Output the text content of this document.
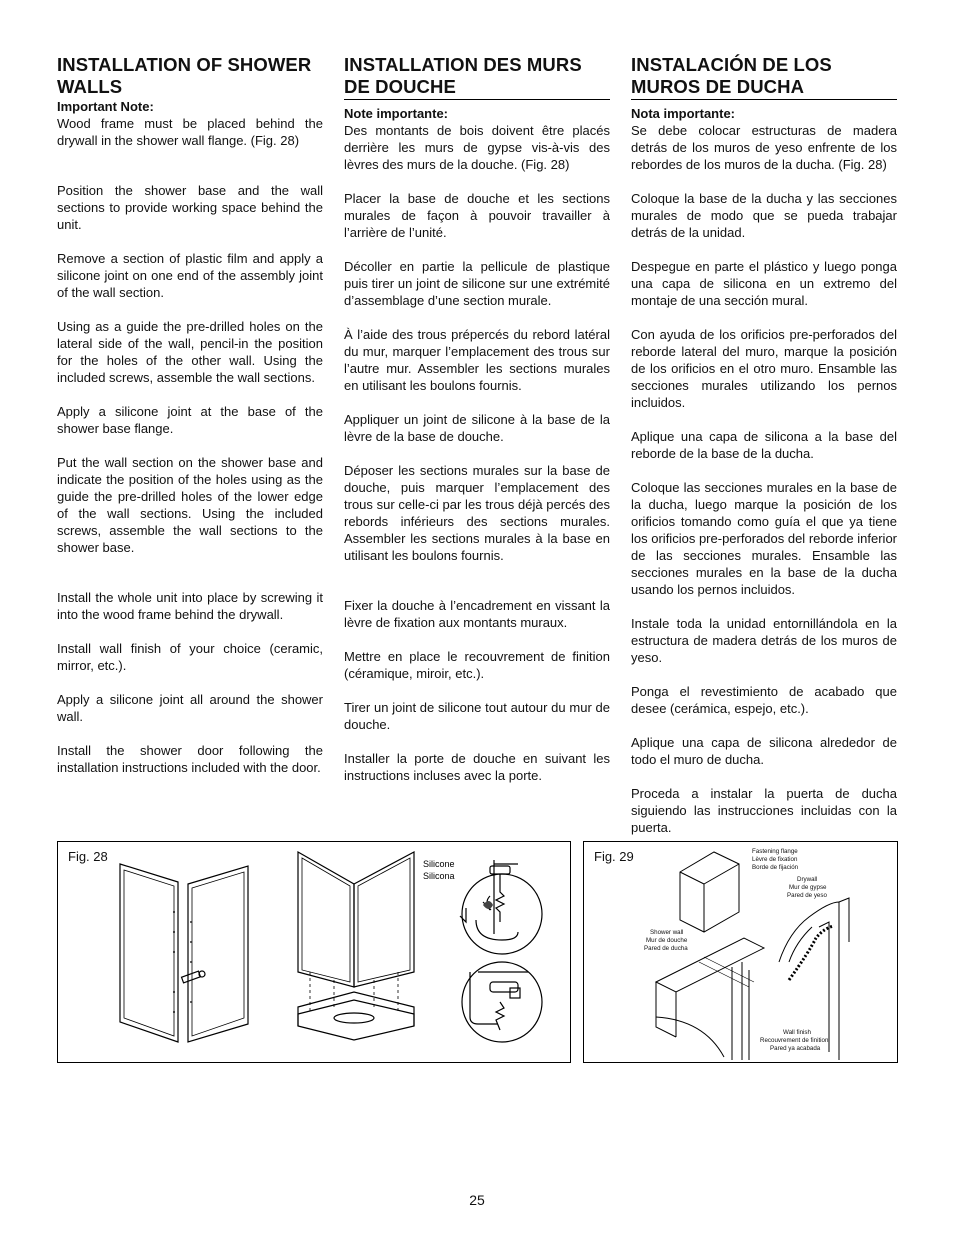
INSTALLATION OF SHOWER WALLS
Important Note:

Wood frame must be placed behind the drywall in the shower wall flange. (Fig. 28)

Position the shower base and the wall sections to provide working space behind the unit.

Remove a section of plastic film and apply a silicone joint on one end of the assembly joint of the wall section.

Using as a guide the pre-drilled holes on the lateral side of the wall, pencil-in the position for the holes of the other wall. Using the included screws, assemble the wall sections.

Apply a silicone joint at the base of the shower base flange.

Put the wall section on the shower base and indicate the position of the holes using as the guide the pre-drilled holes of the lower edge of the wall sections. Using the included screws, assemble the wall sections to the shower base.

Install the whole unit into place by screwing it into the wood frame behind the drywall.

Install wall finish of your choice (ceramic, mirror, etc.).

Apply a silicone joint all around the shower wall.

Install the shower door following the installation instructions included with the door.

INSTALLATION DES MURS DE DOUCHE
Note importante:

Des montants de bois doivent être placés derrière les murs de gypse vis-à-vis des lèvres des murs de la douche. (Fig. 28)

Placer la base de douche et les sections murales de façon à pouvoir travailler à l’arrière de l’unité.

Décoller en partie la pellicule de plastique puis tirer un joint de silicone sur une extrémité d’assemblage d’une section murale.

À l’aide des trous prépercés du rebord latéral du mur, marquer l’emplacement des trous sur l’autre mur. Assembler les sections murales en utilisant les boulons fournis.

Appliquer un joint de silicone à la base de la lèvre de la base de douche.

Déposer les sections murales sur la base de douche, puis marquer l’emplacement des trous sur celle-ci par les trous déjà percés des rebords inférieurs des sections murales. Assembler les sections murales à la base en utilisant les boulons fournis.

Fixer la douche à l’encadrement en vissant la lèvre de fixation aux montants muraux.

Mettre en place le recouvrement de finition (céramique, miroir, etc.).

Tirer un joint de silicone tout autour du mur de douche.

Installer la porte de douche en suivant les instructions incluses avec la porte.

INSTALACIÓN DE LOS MUROS DE DUCHA
Nota importante:

Se debe colocar estructuras de madera detrás de los muros de yeso enfrente de los rebordes de los muros de la ducha. (Fig. 28)

Coloque la base de la ducha y las secciones murales de modo que se pueda trabajar detrás de la unidad.

Despegue en parte el plástico y luego ponga una capa de silicona en un extremo del montaje de una sección mural.

Con ayuda de los orificios pre-perforados del reborde lateral del muro, marque la posición de los orificios en el otro muro. Ensamble las secciones murales utilizando los pernos incluidos.

Aplique una capa de silicona a la base del reborde de la base de la ducha.

Coloque las secciones murales en la base de la ducha, luego marque la posición de los orificios tomando como guía el que ya tiene los orificios pre-perforados del reborde inferior de las secciones murales. Ensamble las secciones murales en la base de la ducha usando los pernos incluidos.

Instale toda la unidad entornillándola en la estructura de madera detrás de los muros de yeso.

Ponga el revestimiento de acabado que desee (cerámica, espejo, etc.).

Aplique una capa de silicona alrededor de todo el muro de ducha.

Proceda a instalar la puerta de ducha siguiendo las instrucciones incluidas con la puerta.

Fig. 28	Silicone
Silicona
Fig. 29	Fastening flange
Lèvre de fixation
Borde de fijación
Drywall
Mur de gypse
Pared de yeso
Shower wall
Mur de douche
Pared de ducha
Wall finish
Recouvrement de finition
Pared ya acabada
25
